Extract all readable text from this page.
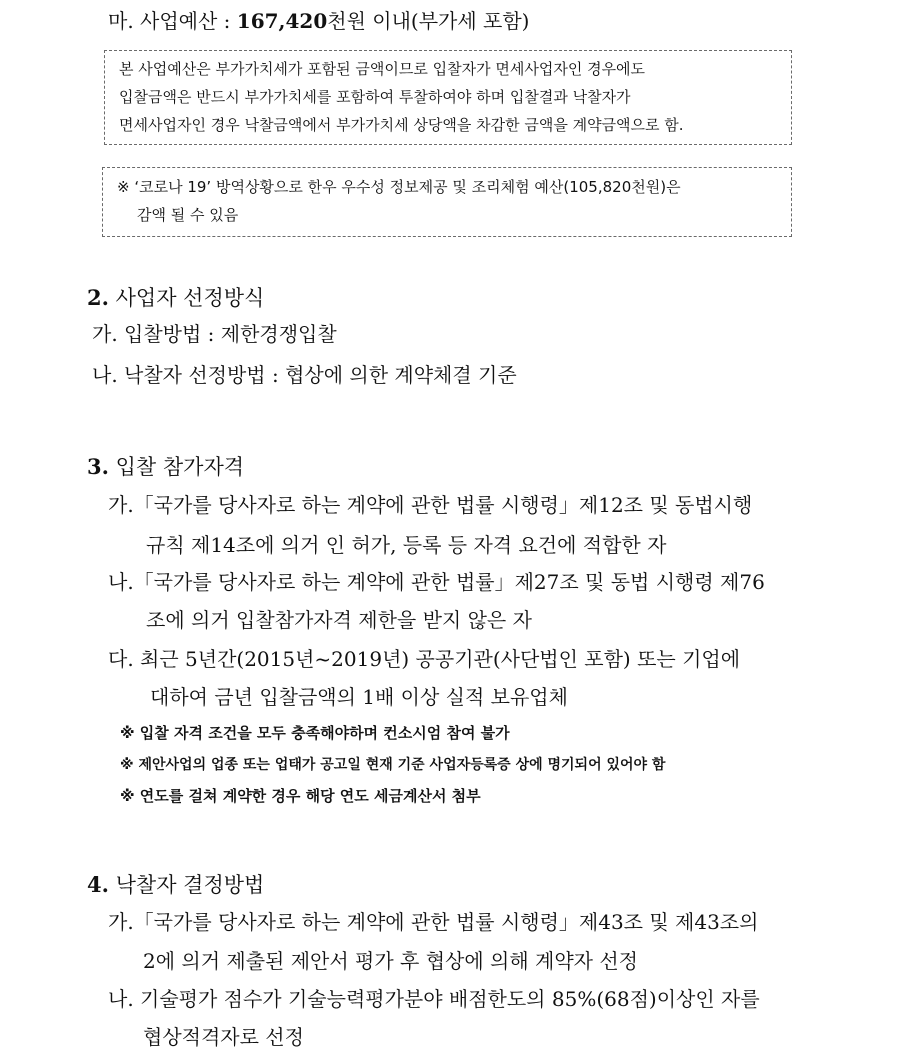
마. 사업예산 : 167,420천원 이내(부가세 포함)
본 사업예산은 부가가치세가 포함된 금액이므로 입찰자가 면세사업자인 경우에도
입찰금액은 반드시 부가가치세를 포함하여 투찰하여야 하며 입찰결과 낙찰자가
면세사업자인 경우 낙찰금액에서 부가가치세 상당액을 차감한 금액을 계약금액으로 함.
※ ‘코로나 19’ 방역상황으로 한우 우수성 정보제공 및 조리체험 예산(105,820천원)은
감액 될 수 있음
2. 사업자 선정방식
가. 입찰방법 : 제한경쟁입찰
나. 낙찰자 선정방법 : 협상에 의한 계약체결 기준
3. 입찰 참가자격
가.「국가를 당사자로 하는 계약에 관한 법률 시행령」제12조 및 동법시행
규칙 제14조에 의거 인 허가, 등록 등 자격 요건에 적합한 자
나.「국가를 당사자로 하는 계약에 관한 법률」제27조 및 동법 시행령 제76
조에 의거 입찰참가자격 제한을 받지 않은 자
다. 최근 5년간(2015년~2019년) 공공기관(사단법인 포함) 또는 기업에
대하여 금년 입찰금액의 1배 이상 실적 보유업체
※ 입찰 자격 조건을 모두 충족해야하며 컨소시엄 참여 불가
※ 제안사업의 업종 또는 업태가 공고일 현재 기준 사업자등록증 상에 명기되어 있어야 함
※ 연도를 걸쳐 계약한 경우 해당 연도 세금계산서 첨부
4. 낙찰자 결정방법
가.「국가를 당사자로 하는 계약에 관한 법률 시행령」제43조 및 제43조의
2에 의거 제출된 제안서 평가 후 협상에 의해 계약자 선정
나. 기술평가 점수가 기술능력평가분야 배점한도의 85%(68점)이상인 자를
협상적격자로 선정
